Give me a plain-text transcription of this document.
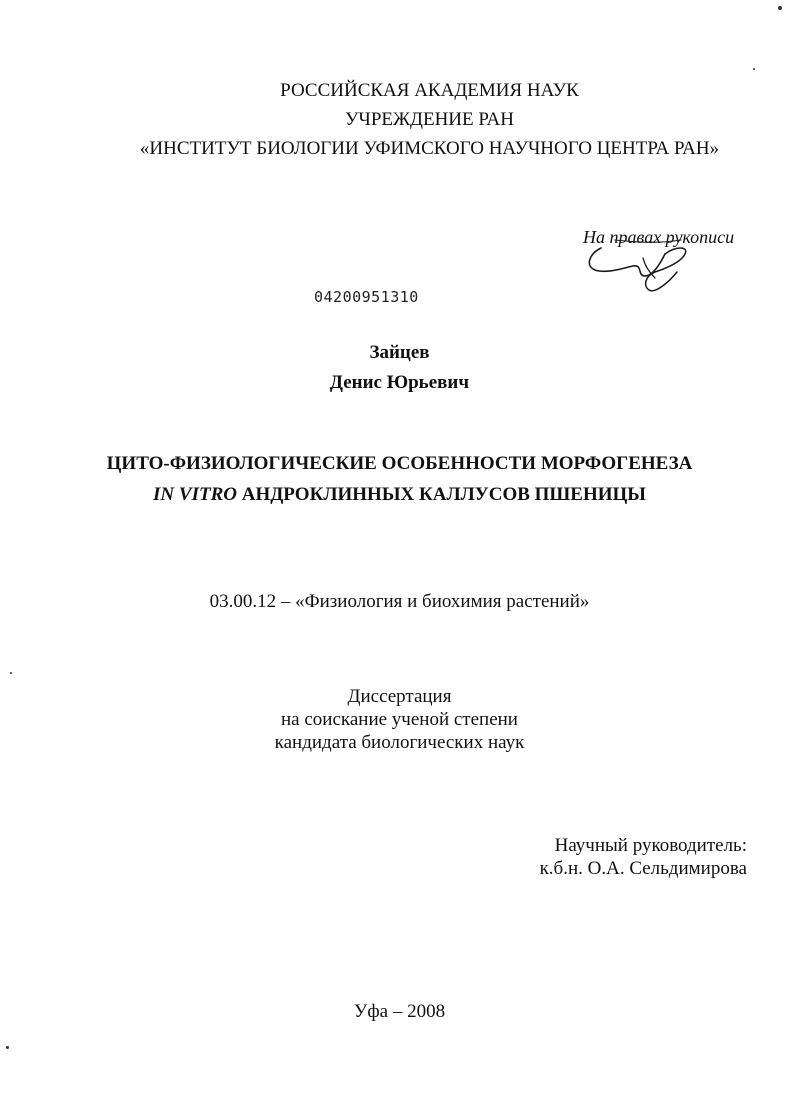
РОССИЙСКАЯ АКАДЕМИЯ НАУК
УЧРЕЖДЕНИЕ РАН
«ИНСТИТУТ БИОЛОГИИ УФИМСКОГО НАУЧНОГО ЦЕНТРА РАН»
На правах рукописи
04200951310
Зайцев
Денис Юрьевич
ЦИТО-ФИЗИОЛОГИЧЕСКИЕ ОСОБЕННОСТИ МОРФОГЕНЕЗА
IN VITRO АНДРОКЛИННЫХ КАЛЛУСОВ ПШЕНИЦЫ
03.00.12 – «Физиология и биохимия растений»
Диссертация
на соискание ученой степени
кандидата биологических наук
Научный руководитель:
к.б.н. О.А. Сельдимирова
Уфа – 2008
